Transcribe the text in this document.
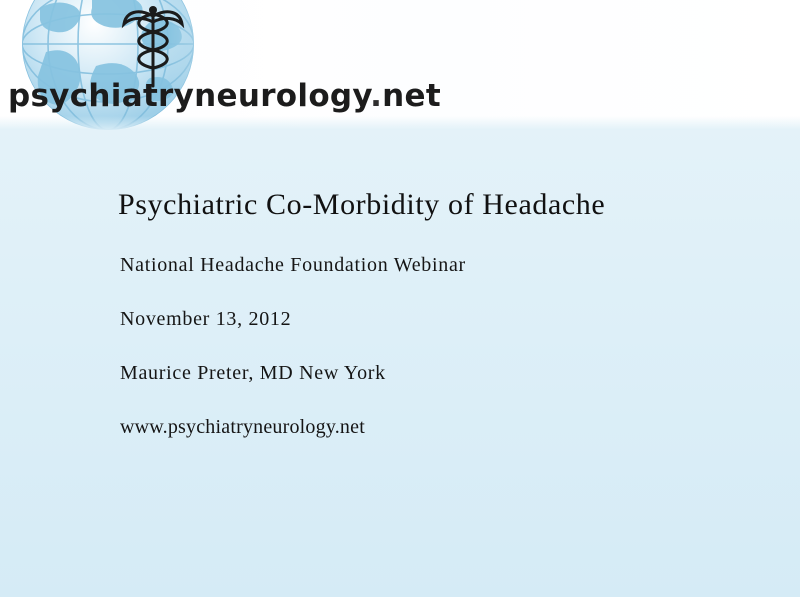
psychiatryneurology.net
Psychiatric Co-Morbidity of Headache
National Headache Foundation Webinar
November 13, 2012
Maurice Preter, MD New York
www.psychiatryneurology.net
